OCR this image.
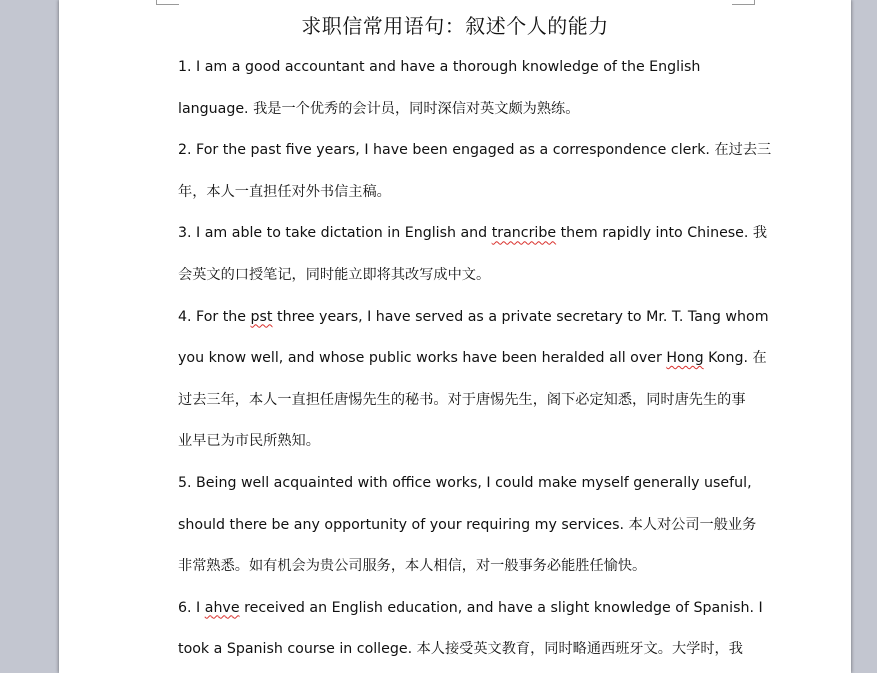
求职信常用语句：叙述个人的能力
1. I am a good accountant and have a thorough knowledge of the English
language. 我是一个优秀的会计员，同时深信对英文颇为熟练。
2. For the past five years, I have been engaged as a correspondence clerk. 在过去三
年，本人一直担任对外书信主稿。
3. I am able to take dictation in English and trancribe them rapidly into Chinese. 我
会英文的口授笔记，同时能立即将其改写成中文。
4. For the pst three years, I have served as a private secretary to Mr. T. Tang whom
you know well, and whose public works have been heralded all over Hong Kong. 在
过去三年，本人一直担任唐惕先生的秘书。对于唐惕先生，阁下必定知悉，同时唐先生的事
业早已为市民所熟知。
5. Being well acquainted with office works, I could make myself generally useful,
should there be any opportunity of your requiring my services. 本人对公司一般业务
非常熟悉。如有机会为贵公司服务，本人相信，对一般事务必能胜任愉快。
6. I ahve received an English education, and have a slight knowledge of Spanish. I
took a Spanish course in college. 本人接受英文教育，同时略通西班牙文。大学时，我
